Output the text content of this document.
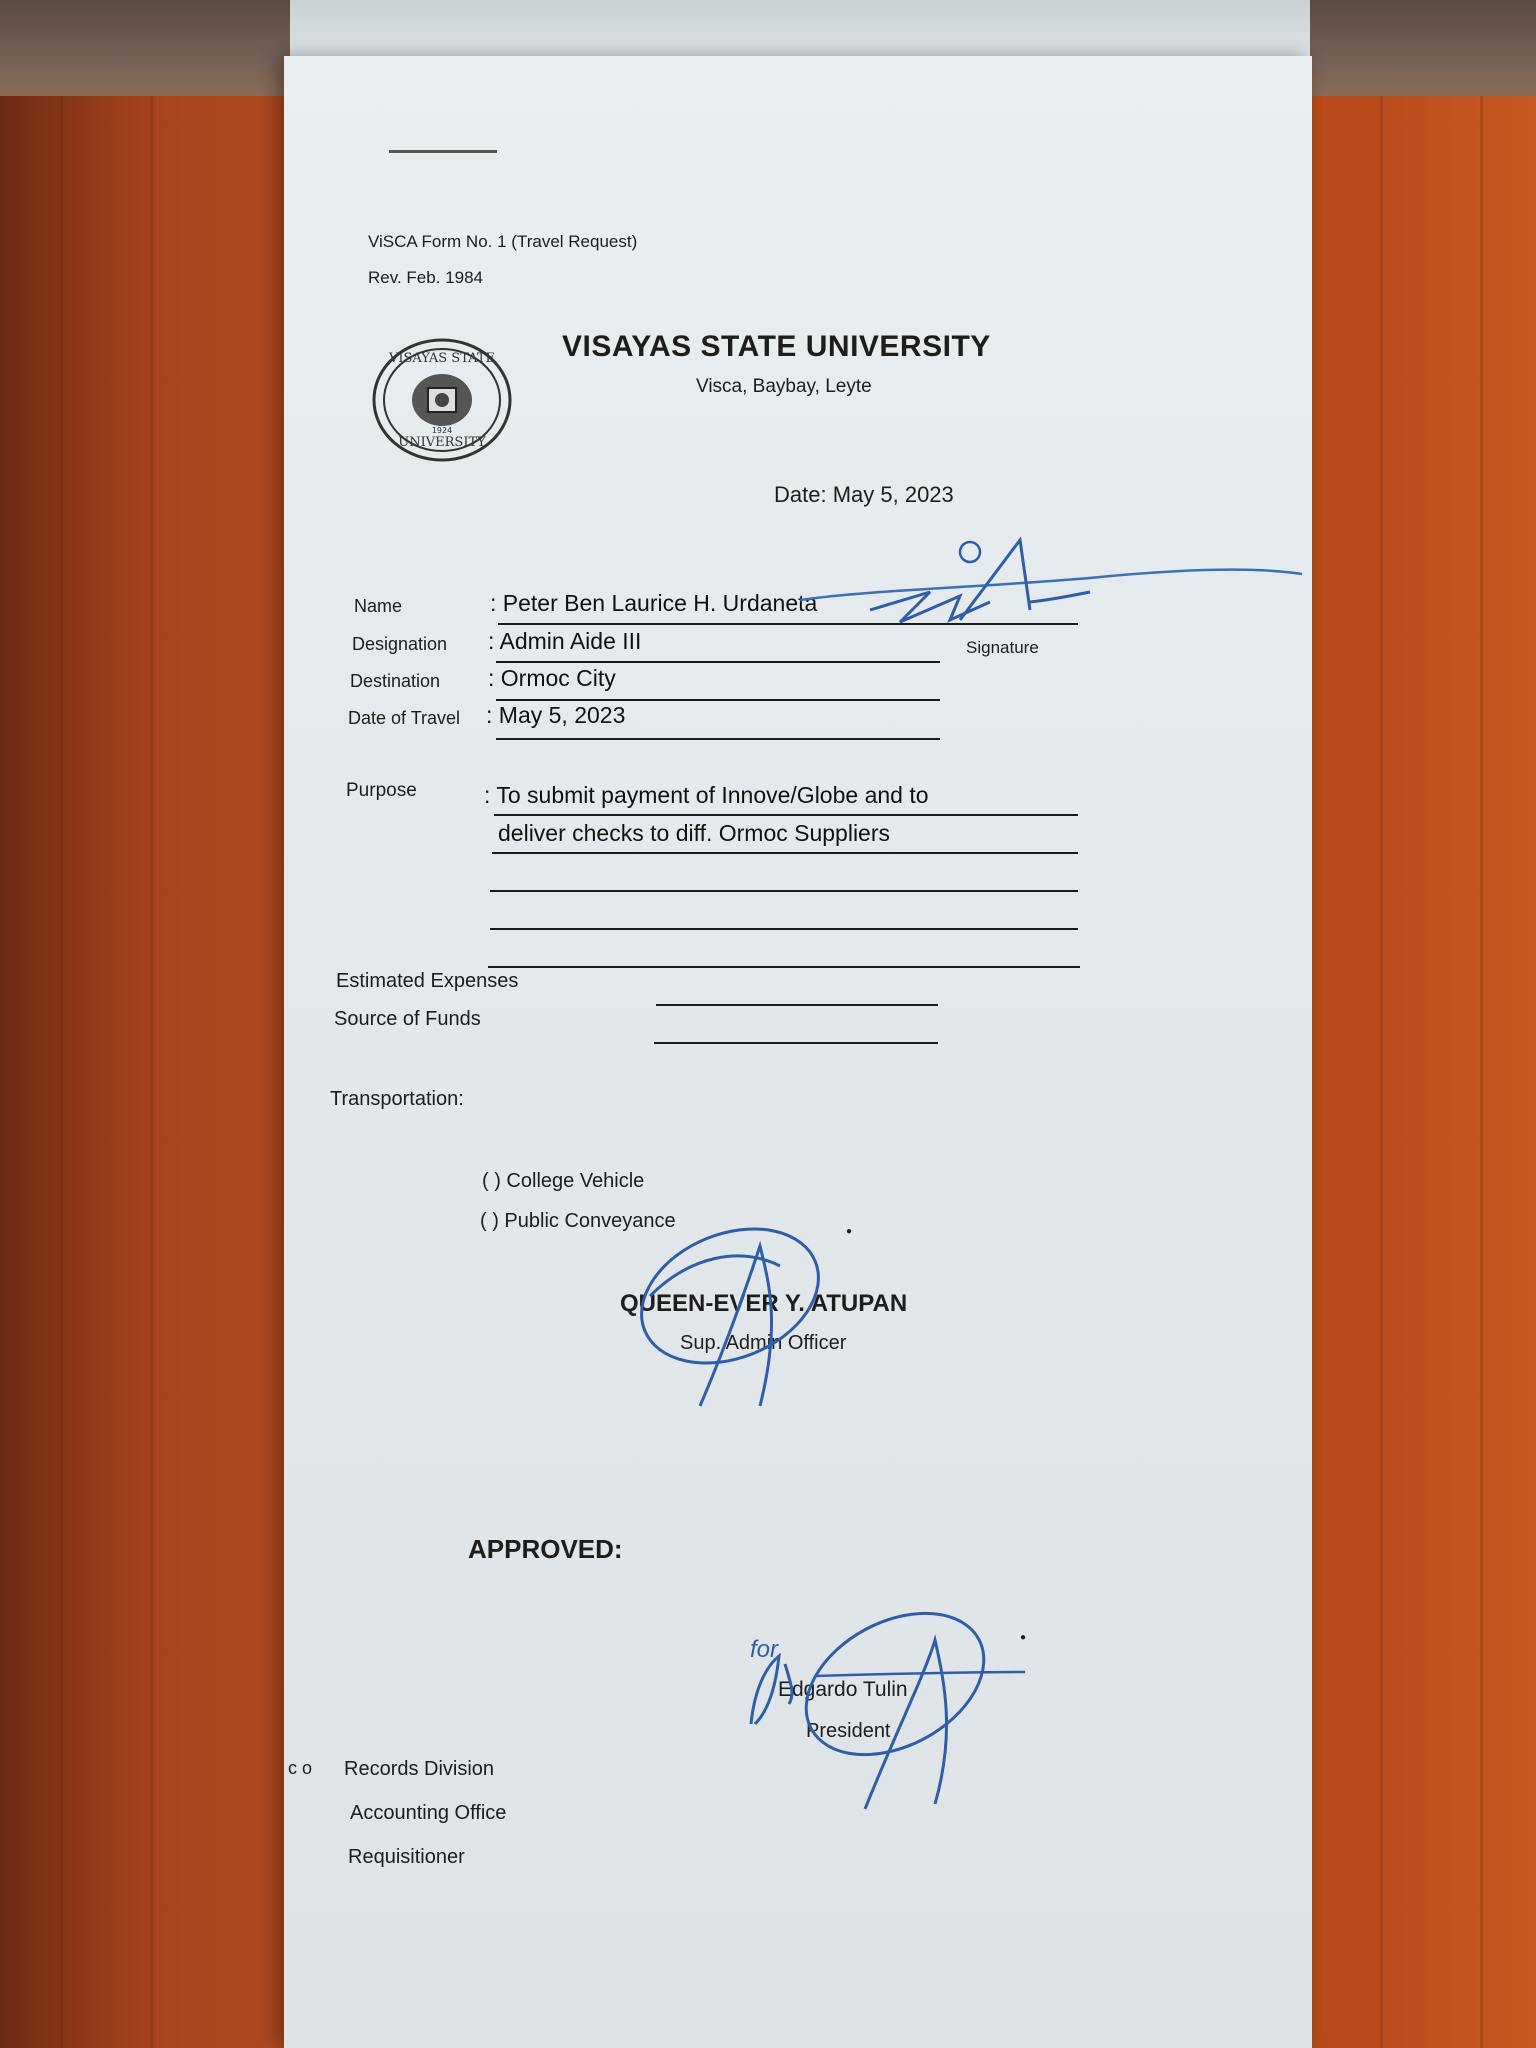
ViSCA Form No. 1 (Travel Request)
Rev. Feb. 1984
VISAYAS STATE UNIVERSITY
Visca, Baybay, Leyte
Date: May 5, 2023
Name	: Peter Ben Laurice H. Urdaneta
Signature
Designation : Admin Aide III
Destination : Ormoc City
Date of Travel : May 5, 2023
Purpose	: To submit payment of Innove/Globe and to
deliver checks to diff. Ormoc Suppliers
Estimated Expenses
Source of Funds
Transportation:
( ) College Vehicle
( ) Public Conveyance
QUEEN-EVER Y. ATUPAN
Sup. Admin Officer
APPROVED:
Edgardo Tulin
President
c o Records Division
Accounting Office
Requisitioner
VISAYAS STATE
UNIVERSITY
1924
●
●
for
